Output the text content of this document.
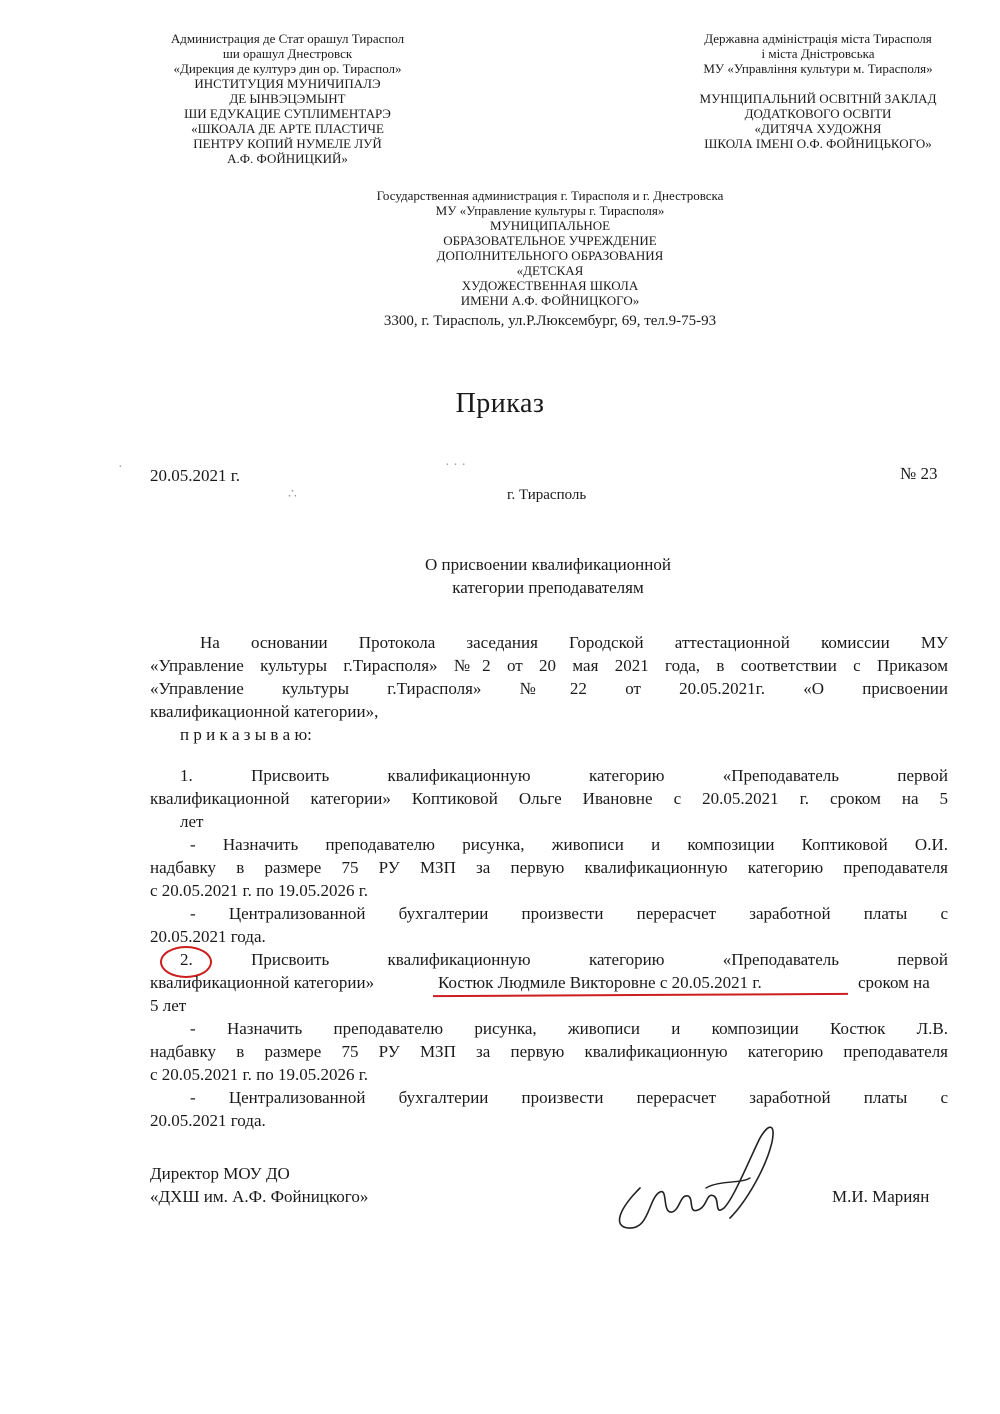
Администрация де Стат орашул Тираспол
ши орашул Днестровск
«Дирекция де културэ дин ор. Тираспол»
ИНСТИТУЦИЯ МУНИЧИПАЛЭ
ДЕ ЫНВЭЦЭМЫНТ
ШИ ЕДУКАЦИЕ СУПЛИМЕНТАРЭ
«ШКОАЛА ДЕ АРТЕ ПЛАСТИЧЕ
ПЕНТРУ КОПИЙ НУМЕЛЕ ЛУЙ
А.Ф. ФОЙНИЦКИЙ»
Державна адміністрація міста Тирасполя
і міста Дністровська
МУ «Управління культури м. Тирасполя»
МУНІЦИПАЛЬНИЙ ОСВІТНІЙ ЗАКЛАД
ДОДАТКОВОГО ОСВІТИ
«ДИТЯЧА ХУДОЖНЯ
ШКОЛА ІМЕНІ О.Ф. ФОЙНИЦЬКОГО»
Государственная администрация г. Тирасполя и г. Днестровска
МУ «Управление культуры г. Тирасполя»
МУНИЦИПАЛЬНОЕ
ОБРАЗОВАТЕЛЬНОЕ УЧРЕЖДЕНИЕ
ДОПОЛНИТЕЛЬНОГО ОБРАЗОВАНИЯ
«ДЕТСКАЯ
ХУДОЖЕСТВЕННАЯ ШКОЛА
ИМЕНИ А.Ф. ФОЙНИЦКОГО»
3300, г. Тирасполь, ул.Р.Люксембург, 69, тел.9-75-93
Приказ
·	· · ·
∴
20.05.2021 г.	№ 23
г. Тирасполь
О присвоении квалификационной
категории преподавателям
На основании Протокола заседания Городской аттестационной комиссии МУ
«Управление культуры г.Тирасполя» №2 от 20 мая 2021 года, в соответствии с Приказом
«Управление культуры г.Тирасполя» №22 от 20.05.2021г. «О присвоении
квалификационной категории»,
п р и к а з ы в а ю:
1. Присвоить квалификационную категорию «Преподаватель первой
квалификационной категории» Коптиковой Ольге Ивановне с 20.05.2021 г. сроком на 5
лет
- Назначить преподавателю рисунка, живописи и композиции Коптиковой О.И.
надбавку в размере 75 РУ МЗП за первую квалификационную категорию преподавателя
с 20.05.2021 г. по 19.05.2026 г.
- Централизованной бухгалтерии произвести перерасчет заработной платы с
20.05.2021 года.
2. Присвоить квалификационную категорию «Преподаватель первой
квалификационной категории»	Костюк Людмиле Викторовне с 20.05.2021 г.	сроком на
5 лет
- Назначить преподавателю рисунка, живописи и композиции Костюк Л.В.
надбавку в размере 75 РУ МЗП за первую квалификационную категорию преподавателя
с 20.05.2021 г. по 19.05.2026 г.
- Централизованной бухгалтерии произвести перерасчет заработной платы с
20.05.2021 года.
Директор МОУ ДО
«ДХШ им. А.Ф. Фойницкого»	М.И. Мариян
